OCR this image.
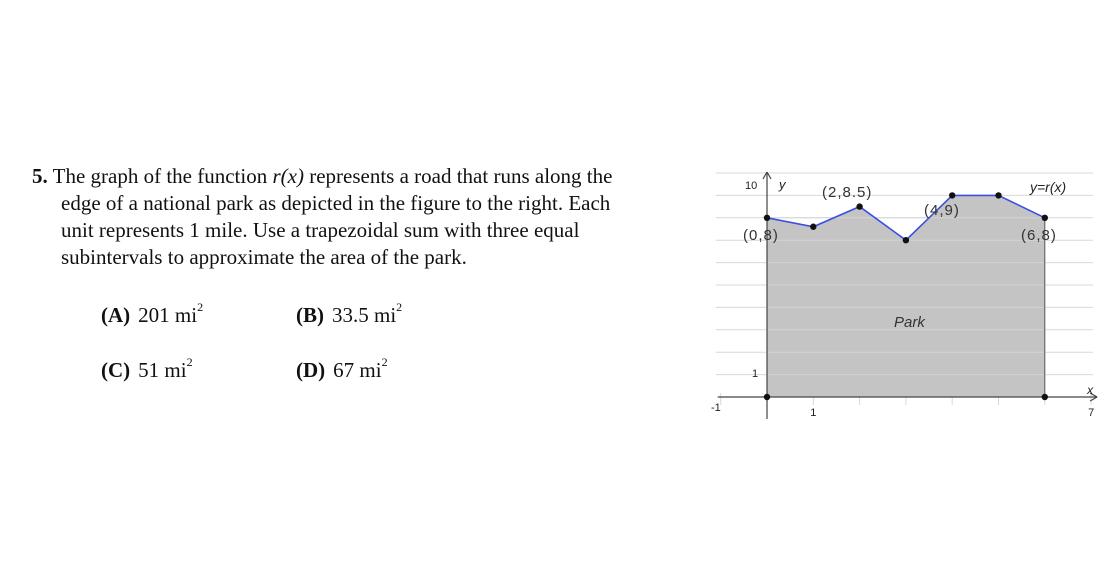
5. The graph of the function r(x) represents a road that runs along the
edge of a national park as depicted in the figure to the right. Each
unit represents 1 mile. Use a trapezoidal sum with three equal
subintervals to approximate the area of the park.
(A) 201 $mi^2$	(B) 33.5 $mi^2$
(C) 51 $mi^2$	(D) 67 $mi^2$
(0,8)
(2,8.5)
(4,9)
(6,8)
y=r(x)
Park
10 y
1
-1	1	7
x
